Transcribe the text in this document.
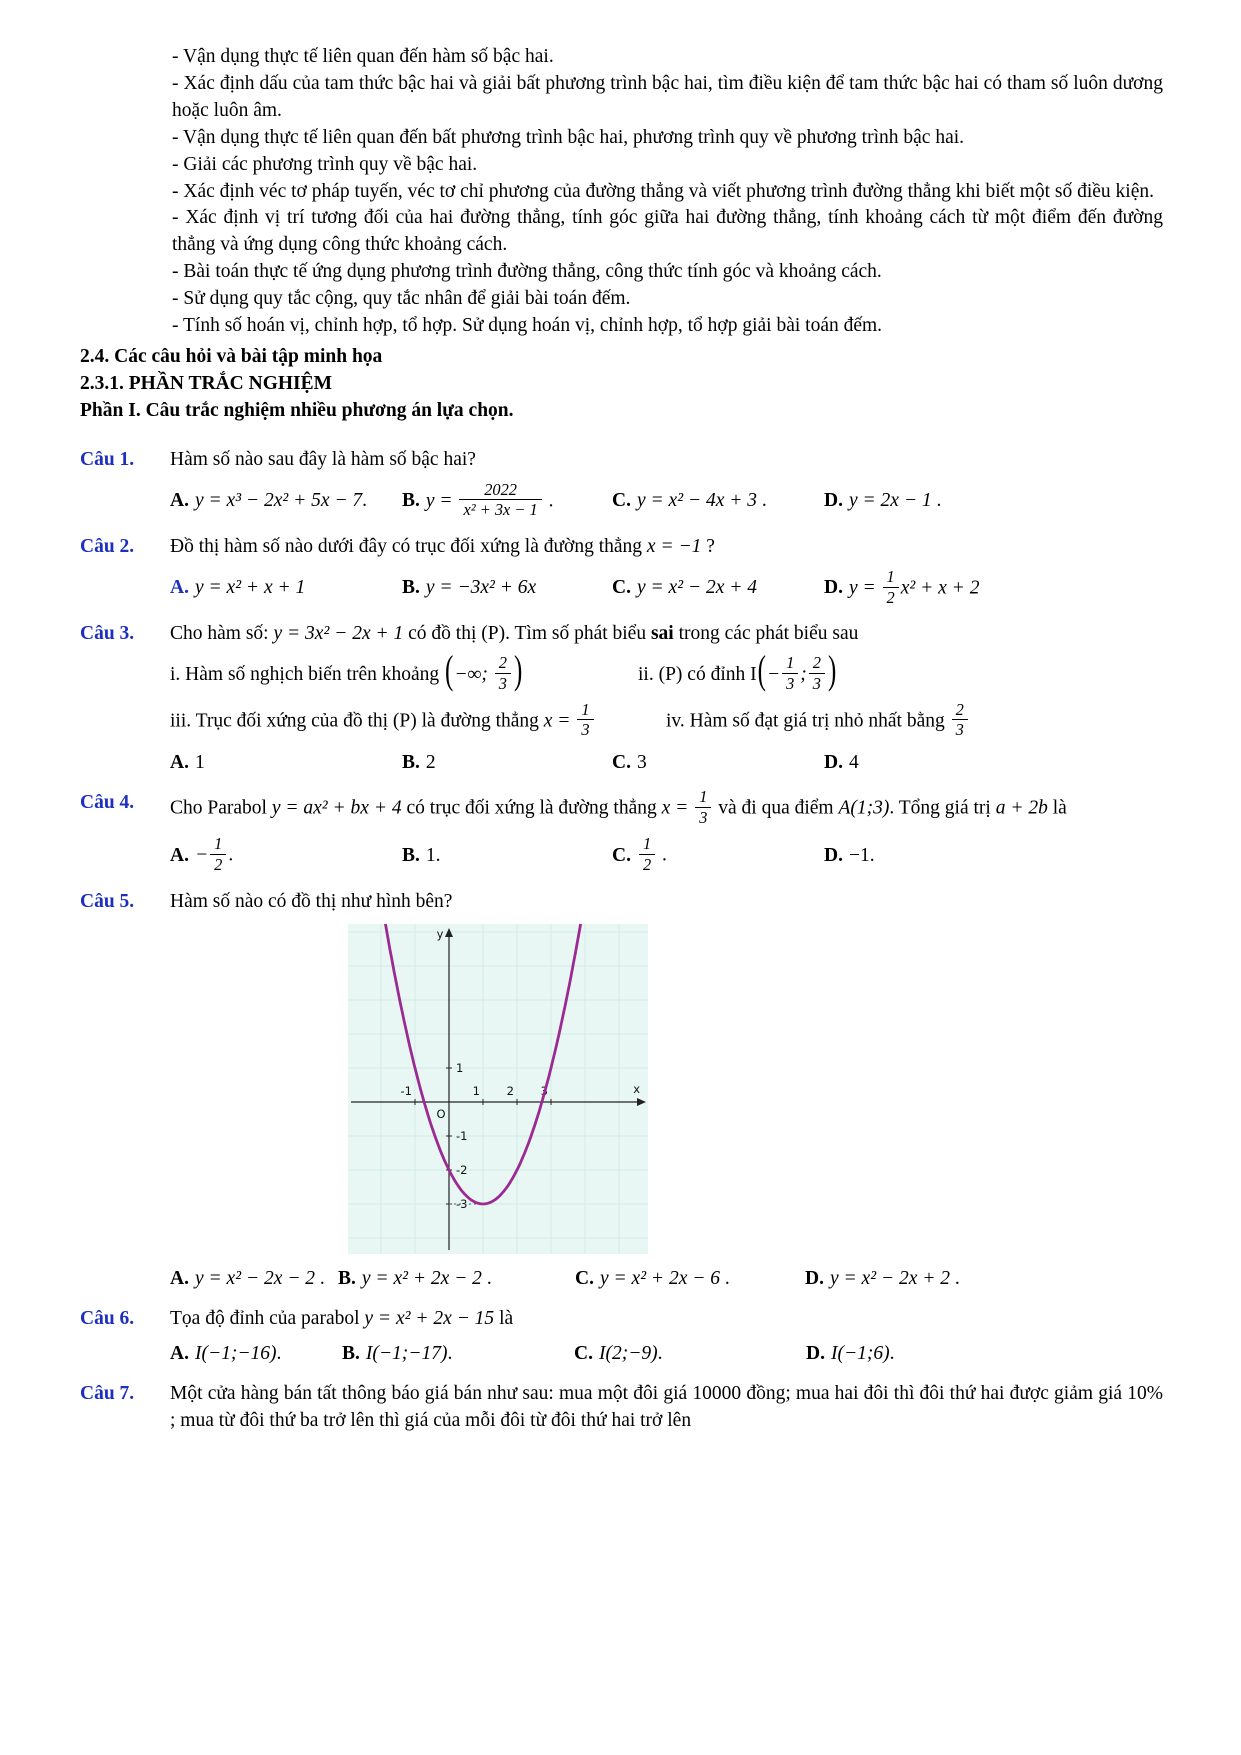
- Vận dụng thực tế liên quan đến hàm số bậc hai.

- Xác định dấu của tam thức bậc hai và giải bất phương trình bậc hai, tìm điều kiện để tam thức bậc hai có tham số luôn dương hoặc luôn âm.

- Vận dụng thực tế liên quan đến bất phương trình bậc hai, phương trình quy về phương trình bậc hai.

- Giải các phương trình quy về bậc hai.

- Xác định véc tơ pháp tuyến, véc tơ chỉ phương của đường thẳng và viết phương trình đường thẳng khi biết một số điều kiện.

- Xác định vị trí tương đối của hai đường thẳng, tính góc giữa hai đường thẳng, tính khoảng cách từ một điểm đến đường thẳng và ứng dụng công thức khoảng cách.

- Bài toán thực tế ứng dụng phương trình đường thẳng, công thức tính góc và khoảng cách.

- Sử dụng quy tắc cộng, quy tắc nhân để giải bài toán đếm.

- Tính số hoán vị, chỉnh hợp, tổ hợp. Sử dụng hoán vị, chỉnh hợp, tổ hợp giải bài toán đếm.

2.4. Các câu hỏi và bài tập minh họa
2.3.1. PHẦN TRẮC NGHIỆM
Phần I. Câu trắc nghiệm nhiều phương án lựa chọn.
Câu 1.	Hàm số nào sau đây là hàm số bậc hai?
A. y = x³ − 2x² + 5x − 7.	B. $y = \frac{2022}{\text{x² + 3x − 1}}$ .	C. y = x² − 4x + 3 .	D. y = 2x − 1 .
Câu 2.	Đồ thị hàm số nào dưới đây có trục đối xứng là đường thẳng x = −1 ?
A. y = x² + x + 1	B. y = −3x² + 6x	C. y = x² − 2x + 4	D. $y = \frac{1}{2} x^2 + x + 2$
Câu 3.	Cho hàm số: y = 3x² − 2x + 1 có đồ thị (P). Tìm số phát biểu sai trong các phát biểu sau
i. Hàm số nghịch biến trên khoảng (−∞; $\frac{2}{3}$ )	ii. (P) có đỉnh $I(- \frac{1}{3}$ ; $\frac{2}{3}$ )
iii. Trục đối xứng của đồ thị (P) là đường thẳng $x = \frac{1}{3}$	iv. Hàm số đạt giá trị nhỏ nhất bằng $\frac{2}{3}$
A. 1	B. 2	C. 3	D. 4
Câu 4.	Cho Parabol y = ax² + bx + 4 có trục đối xứng là đường thẳng $x = \frac{1}{3}$ và đi qua điểm A(1;3). Tổng giá trị a + 2b là
A. − $\frac{1}{2}$ .	B. 1.	C. $\frac{1}{2}$ .	D. −1.
Câu 5.	Hàm số nào có đồ thị như hình bên?
x
y
O
-1	1 2 3
1
-1
-2
-3
A. y = x² − 2x − 2 . B. y = x² + 2x − 2 .	C. y = x² + 2x − 6 .	D. y = x² − 2x + 2 .
Câu 6.	Tọa độ đỉnh của parabol y = x² + 2x − 15 là
A. I(−1;−16).	B. I(−1;−17).	C. I(2;−9).	D. I(−1;6).
Câu 7.	Một cửa hàng bán tất thông báo giá bán như sau: mua một đôi giá 10000 đồng; mua hai đôi thì đôi thứ hai được giảm giá 10% ; mua từ đôi thứ ba trở lên thì giá của mỗi đôi từ đôi thứ hai trở lên
